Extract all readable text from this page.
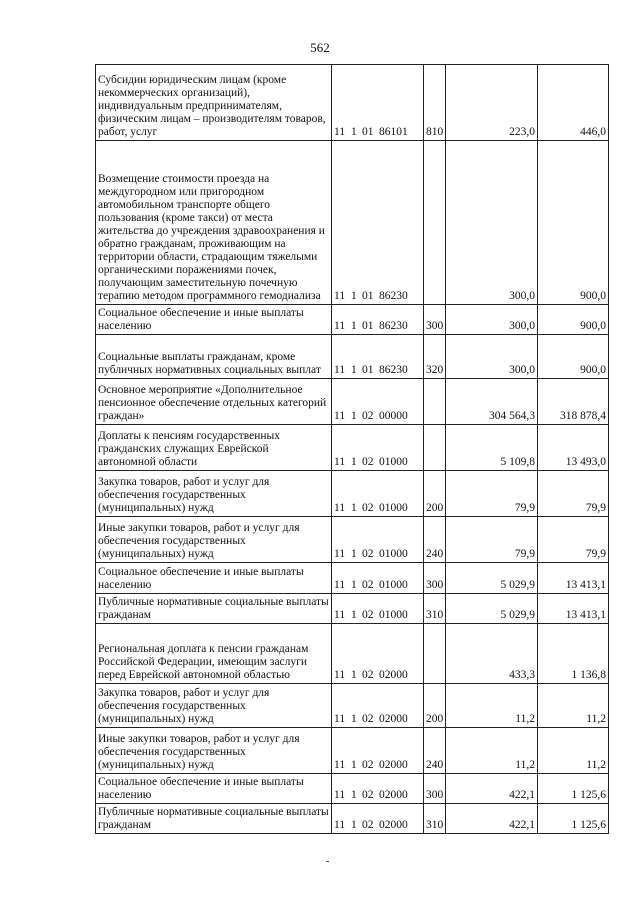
562
Субсидии юридическим лицам (кроме некоммерческих организаций), индивидуальным предпринимателям, физическим лицам – производителям товаров, работ, услуг	11 1 01 86101	810	223,0	446,0
Возмещение стоимости проезда на междугородном или пригородном автомобильном транспорте общего пользования (кроме такси) от места жительства до учреждения здравоохранения и обратно гражданам, проживающим на территории области, страдающим тяжелыми органическими поражениями почек, получающим заместительную почечную терапию методом программного гемодиализа	11 1 01 86230		300,0	900,0
Социальное обеспечение и иные выплаты населению	11 1 01 86230	300	300,0	900,0
Социальные выплаты гражданам, кроме публичных нормативных социальных выплат	11 1 01 86230	320	300,0	900,0
Основное мероприятие «Дополнительное пенсионное обеспечение отдельных категорий граждан»	11 1 02 00000		304 564,3	318 878,4
Доплаты к пенсиям государственных гражданских служащих Еврейской автономной области	11 1 02 01000		5 109,8	13 493,0
Закупка товаров, работ и услуг для обеспечения государственных (муниципальных) нужд	11 1 02 01000	200	79,9	79,9
Иные закупки товаров, работ и услуг для обеспечения государственных (муниципальных) нужд	11 1 02 01000	240	79,9	79,9
Социальное обеспечение и иные выплаты населению	11 1 02 01000	300	5 029,9	13 413,1
Публичные нормативные социальные выплаты гражданам	11 1 02 01000	310	5 029,9	13 413,1
Региональная доплата к пенсии гражданам Российской Федерации, имеющим заслуги перед Еврейской автономной областью	11 1 02 02000		433,3	1 136,8
Закупка товаров, работ и услуг для обеспечения государственных (муниципальных) нужд	11 1 02 02000	200	11,2	11,2
Иные закупки товаров, работ и услуг для обеспечения государственных (муниципальных) нужд	11 1 02 02000	240	11,2	11,2
Социальное обеспечение и иные выплаты населению	11 1 02 02000	300	422,1	1 125,6
Публичные нормативные социальные выплаты гражданам	11 1 02 02000	310	422,1	1 125,6
-
